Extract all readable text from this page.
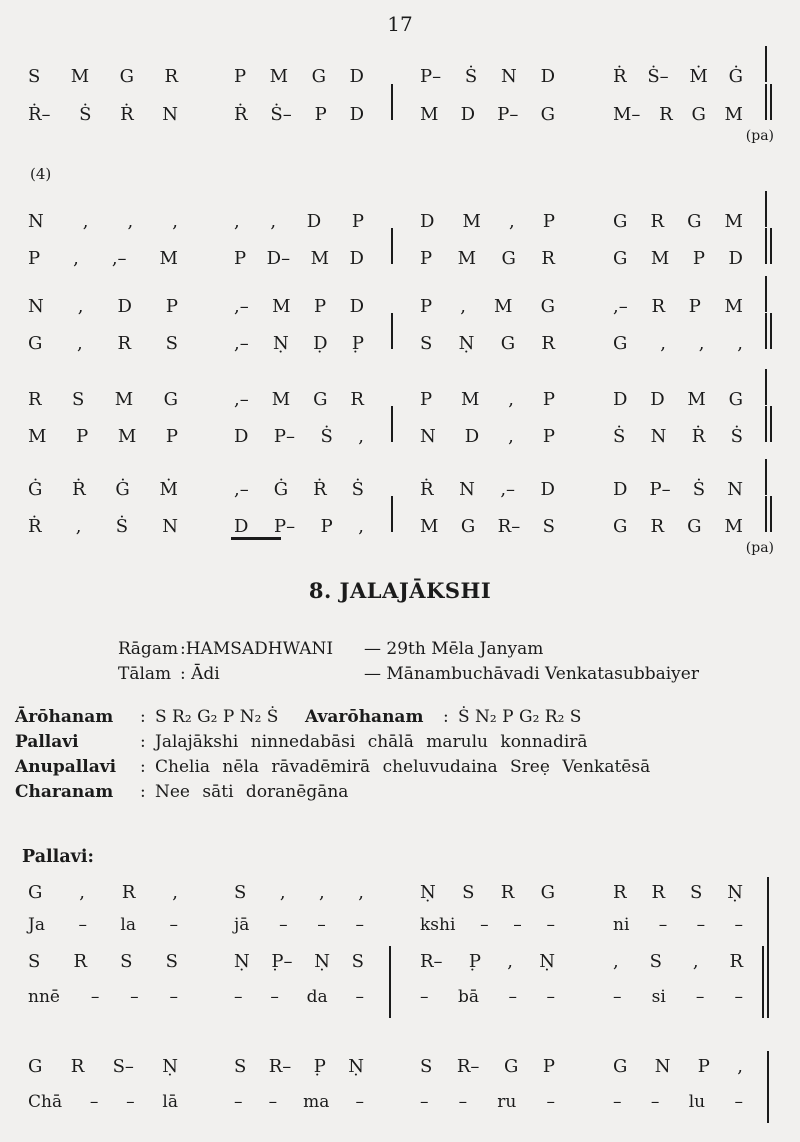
17
S M G R	P M G D	P– Ṡ N D	Ṙ Ṡ– Ṁ Ġ
Ṙ– Ṡ Ṙ N	Ṙ Ṡ– P D	M D P– G	M– R G M
(pa)
(4)
N , , ,	, , D P	D M , P	G R G M
P , ,– M	P D– M D	P M G R	G M P D
N , D P	,– M P D	P , M G	,– R P M
G , R S	,– Ṇ Ḍ P̣	S Ṇ G R	G , , ,
R S M G	,– M G R	P M , P	D D M G
M P M P	D P– Ṡ ,	N D , P	Ṡ N Ṙ Ṡ
Ġ Ṙ Ġ Ṁ	,– Ġ Ṙ Ṡ	Ṙ N ,– D	D P– Ṡ N
Ṙ , Ṡ N	D P– P ,	M G R– S	G R G M
(pa)
8. JALAJĀKSHI
Rāgam :HAMSADHWANI	— 29th Mēla Janyam
Tālam : Ādi	— Mānambuchāvadi Venkatasubbaiyer
Ārōhanam	: S R₂ G₂ P N₂ Ṡ	Avarōhanam	: Ṡ N₂ P G₂ R₂ S
Pallavi	: Jalajākshi ninnedabāsi chālā marulu konnadirā
Anupallavi	: Chelia nēla rāvadēmirā cheluvudaina Sreẹ Venkatēsā
Charanam	: Nee sāti doranēgāna
Pallavi:
G , R ,	S , , ,	Ṇ S R G	R R S Ṇ
Ja – la –	jā – – –	kshi – – –	ni – – –
S R S S	Ṇ P̣– Ṇ S	R– P̣ , Ṇ	, S , R
nnē – – –	– – da –	– bā – –	– si – –
G R S– Ṇ	S R– P̣ Ṇ	S R– G P	G N P ,
Chā – – lā	– – ma –	– – ru –	– – lu –
